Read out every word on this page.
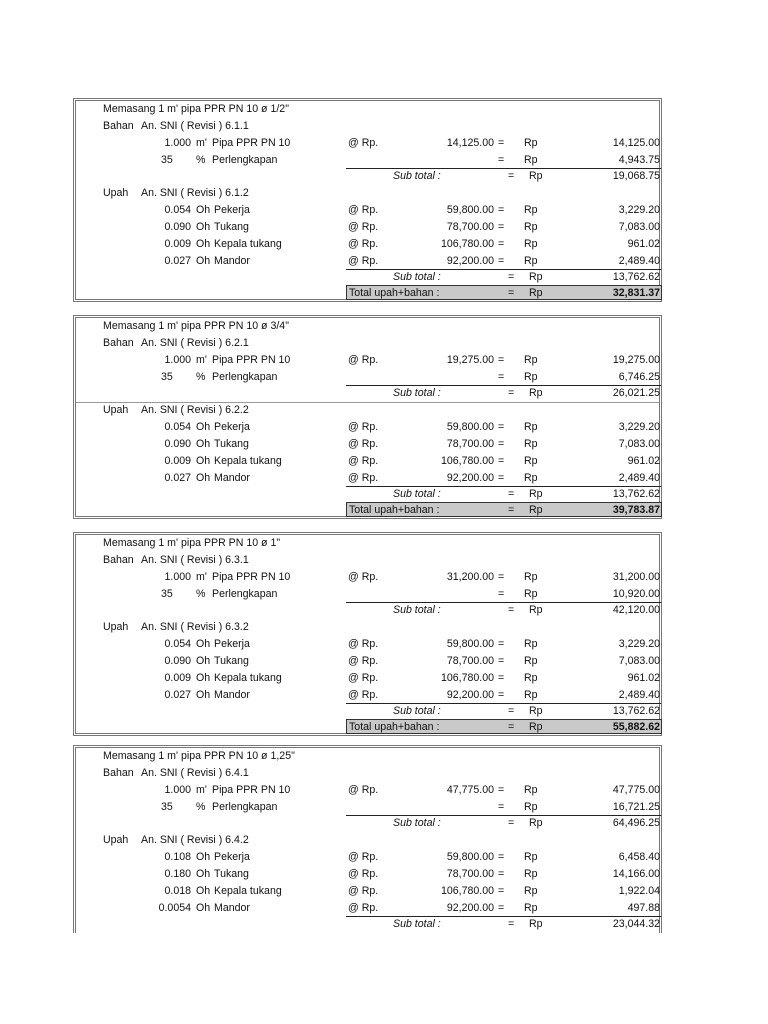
Memasang 1 m' pipa PPR PN 10 ø 1/2"
Bahan An. SNI ( Revisi ) 6.1.1
1.000 m' Pipa PPR PN 10	@ Rp.	14,125.00 = Rp	14,125.00
35 % Perlengkapan	= Rp	4,943.75
Sub total :	= Rp	19,068.75
Upah An. SNI ( Revisi ) 6.1.2
0.054 Oh Pekerja	@ Rp.	59,800.00 = Rp	3,229.20
0.090 Oh Tukang	@ Rp.	78,700.00 = Rp	7,083.00
0.009 Oh Kepala tukang	@ Rp.	106,780.00 = Rp	961.02
0.027 Oh Mandor	@ Rp.	92,200.00 = Rp	2,489.40
Sub total :	= Rp	13,762.62
Total upah+bahan :	= Rp	32,831.37
Memasang 1 m' pipa PPR PN 10 ø 3/4"
Bahan An. SNI ( Revisi ) 6.2.1
1.000 m' Pipa PPR PN 10	@ Rp.	19,275.00 = Rp	19,275.00
35 % Perlengkapan	= Rp	6,746.25
Sub total :	= Rp	26,021.25
Upah An. SNI ( Revisi ) 6.2.2
0.054 Oh Pekerja	@ Rp.	59,800.00 = Rp	3,229.20
0.090 Oh Tukang	@ Rp.	78,700.00 = Rp	7,083.00
0.009 Oh Kepala tukang	@ Rp.	106,780.00 = Rp	961.02
0.027 Oh Mandor	@ Rp.	92,200.00 = Rp	2,489.40
Sub total :	= Rp	13,762.62
Total upah+bahan :	= Rp	39,783.87
Memasang 1 m' pipa PPR PN 10 ø 1"
Bahan An. SNI ( Revisi ) 6.3.1
1.000 m' Pipa PPR PN 10	@ Rp.	31,200.00 = Rp	31,200.00
35 % Perlengkapan	= Rp	10,920.00
Sub total :	= Rp	42,120.00
Upah An. SNI ( Revisi ) 6.3.2
0.054 Oh Pekerja	@ Rp.	59,800.00 = Rp	3,229.20
0.090 Oh Tukang	@ Rp.	78,700.00 = Rp	7,083.00
0.009 Oh Kepala tukang	@ Rp.	106,780.00 = Rp	961.02
0.027 Oh Mandor	@ Rp.	92,200.00 = Rp	2,489.40
Sub total :	= Rp	13,762.62
Total upah+bahan :	= Rp	55,882.62
Memasang 1 m' pipa PPR PN 10 ø 1,25"
Bahan An. SNI ( Revisi ) 6.4.1
1.000 m' Pipa PPR PN 10	@ Rp.	47,775.00 = Rp	47,775.00
35 % Perlengkapan	= Rp	16,721.25
Sub total :	= Rp	64,496.25
Upah An. SNI ( Revisi ) 6.4.2
0.108 Oh Pekerja	@ Rp.	59,800.00 = Rp	6,458.40
0.180 Oh Tukang	@ Rp.	78,700.00 = Rp	14,166.00
0.018 Oh Kepala tukang	@ Rp.	106,780.00 = Rp	1,922.04
0.0054 Oh Mandor	@ Rp.	92,200.00 = Rp	497.88
Sub total :	= Rp	23,044.32
